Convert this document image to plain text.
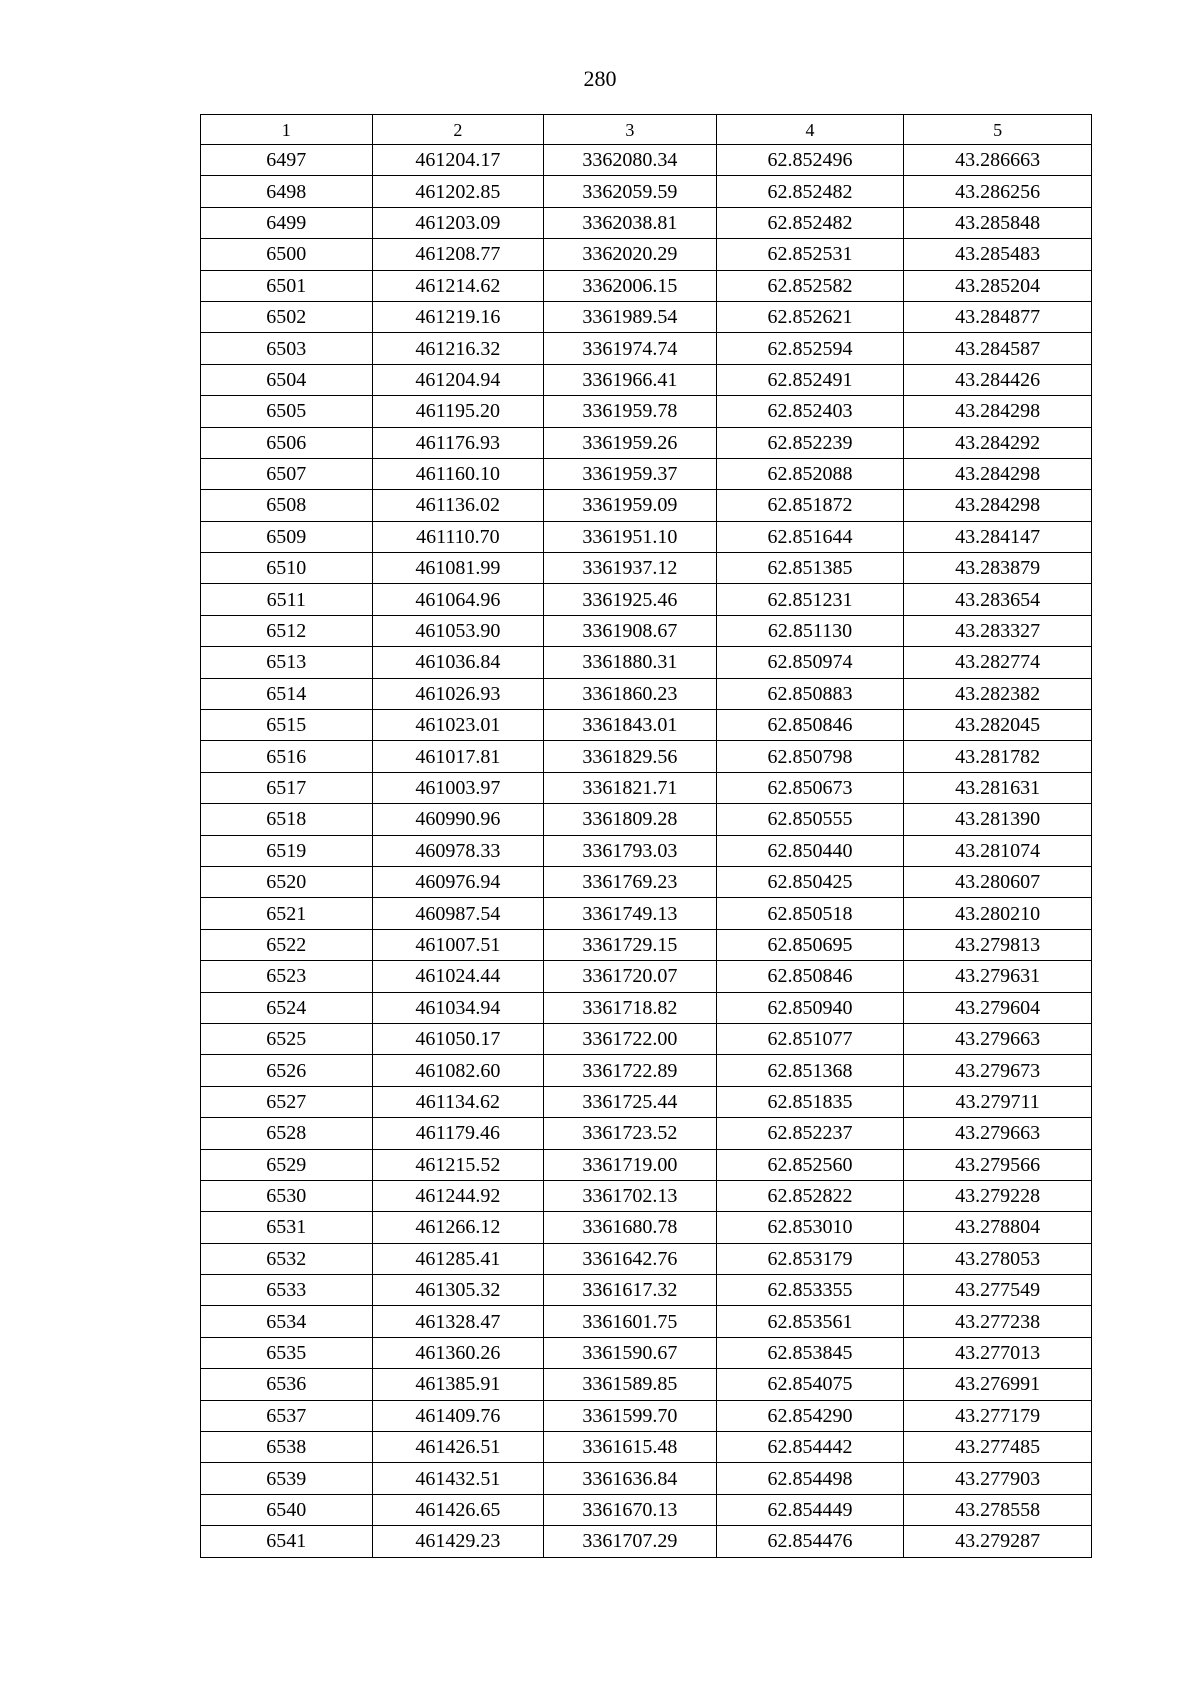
280
1	2	3	4	5
6497	461204.17	3362080.34	62.852496	43.286663
6498	461202.85	3362059.59	62.852482	43.286256
6499	461203.09	3362038.81	62.852482	43.285848
6500	461208.77	3362020.29	62.852531	43.285483
6501	461214.62	3362006.15	62.852582	43.285204
6502	461219.16	3361989.54	62.852621	43.284877
6503	461216.32	3361974.74	62.852594	43.284587
6504	461204.94	3361966.41	62.852491	43.284426
6505	461195.20	3361959.78	62.852403	43.284298
6506	461176.93	3361959.26	62.852239	43.284292
6507	461160.10	3361959.37	62.852088	43.284298
6508	461136.02	3361959.09	62.851872	43.284298
6509	461110.70	3361951.10	62.851644	43.284147
6510	461081.99	3361937.12	62.851385	43.283879
6511	461064.96	3361925.46	62.851231	43.283654
6512	461053.90	3361908.67	62.851130	43.283327
6513	461036.84	3361880.31	62.850974	43.282774
6514	461026.93	3361860.23	62.850883	43.282382
6515	461023.01	3361843.01	62.850846	43.282045
6516	461017.81	3361829.56	62.850798	43.281782
6517	461003.97	3361821.71	62.850673	43.281631
6518	460990.96	3361809.28	62.850555	43.281390
6519	460978.33	3361793.03	62.850440	43.281074
6520	460976.94	3361769.23	62.850425	43.280607
6521	460987.54	3361749.13	62.850518	43.280210
6522	461007.51	3361729.15	62.850695	43.279813
6523	461024.44	3361720.07	62.850846	43.279631
6524	461034.94	3361718.82	62.850940	43.279604
6525	461050.17	3361722.00	62.851077	43.279663
6526	461082.60	3361722.89	62.851368	43.279673
6527	461134.62	3361725.44	62.851835	43.279711
6528	461179.46	3361723.52	62.852237	43.279663
6529	461215.52	3361719.00	62.852560	43.279566
6530	461244.92	3361702.13	62.852822	43.279228
6531	461266.12	3361680.78	62.853010	43.278804
6532	461285.41	3361642.76	62.853179	43.278053
6533	461305.32	3361617.32	62.853355	43.277549
6534	461328.47	3361601.75	62.853561	43.277238
6535	461360.26	3361590.67	62.853845	43.277013
6536	461385.91	3361589.85	62.854075	43.276991
6537	461409.76	3361599.70	62.854290	43.277179
6538	461426.51	3361615.48	62.854442	43.277485
6539	461432.51	3361636.84	62.854498	43.277903
6540	461426.65	3361670.13	62.854449	43.278558
6541	461429.23	3361707.29	62.854476	43.279287
